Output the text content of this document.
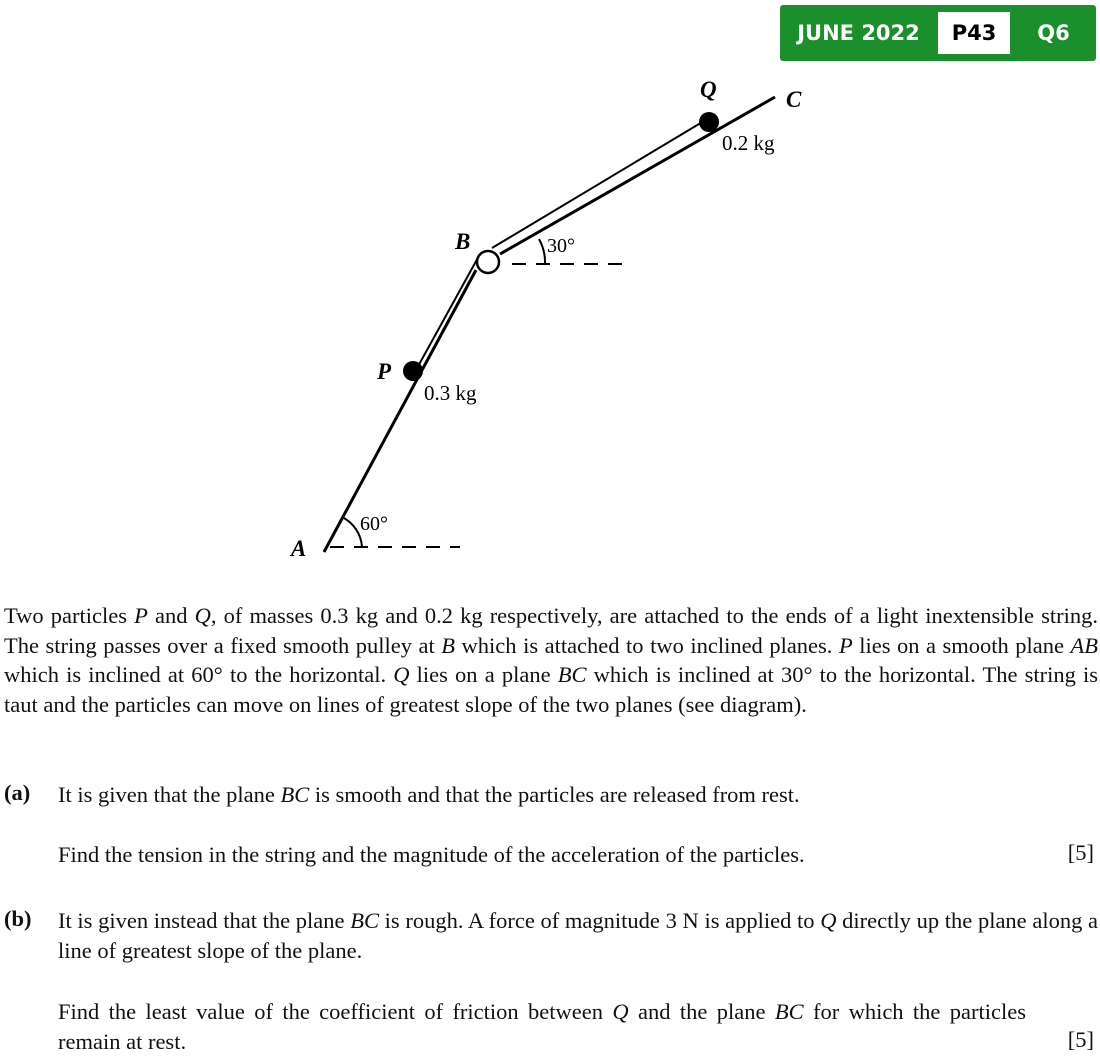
JUNE 2022	P43	Q6
A
B
C
P
Q
0.3 kg
0.2 kg
60°
30°

Two particles P and Q, of masses 0.3 kg and 0.2 kg respectively, are attached to the ends of a light inextensible string. The string passes over a fixed smooth pulley at B which is attached to two inclined planes. P lies on a smooth plane AB which is inclined at 60° to the horizontal. Q lies on a plane BC which is inclined at 30° to the horizontal. The string is taut and the particles can move on lines of greatest slope of the two planes (see diagram).

(a) It is given that the plane BC is smooth and that the particles are released from rest.
Find the tension in the string and the magnitude of the acceleration of the particles.	[5]
(b) It is given instead that the plane BC is rough. A force of magnitude 3 N is applied to Q directly up the plane along a line of greatest slope of the plane.
Find the least value of the coefficient of friction between Q and the plane BC for which the particles remain at rest.	[5]
